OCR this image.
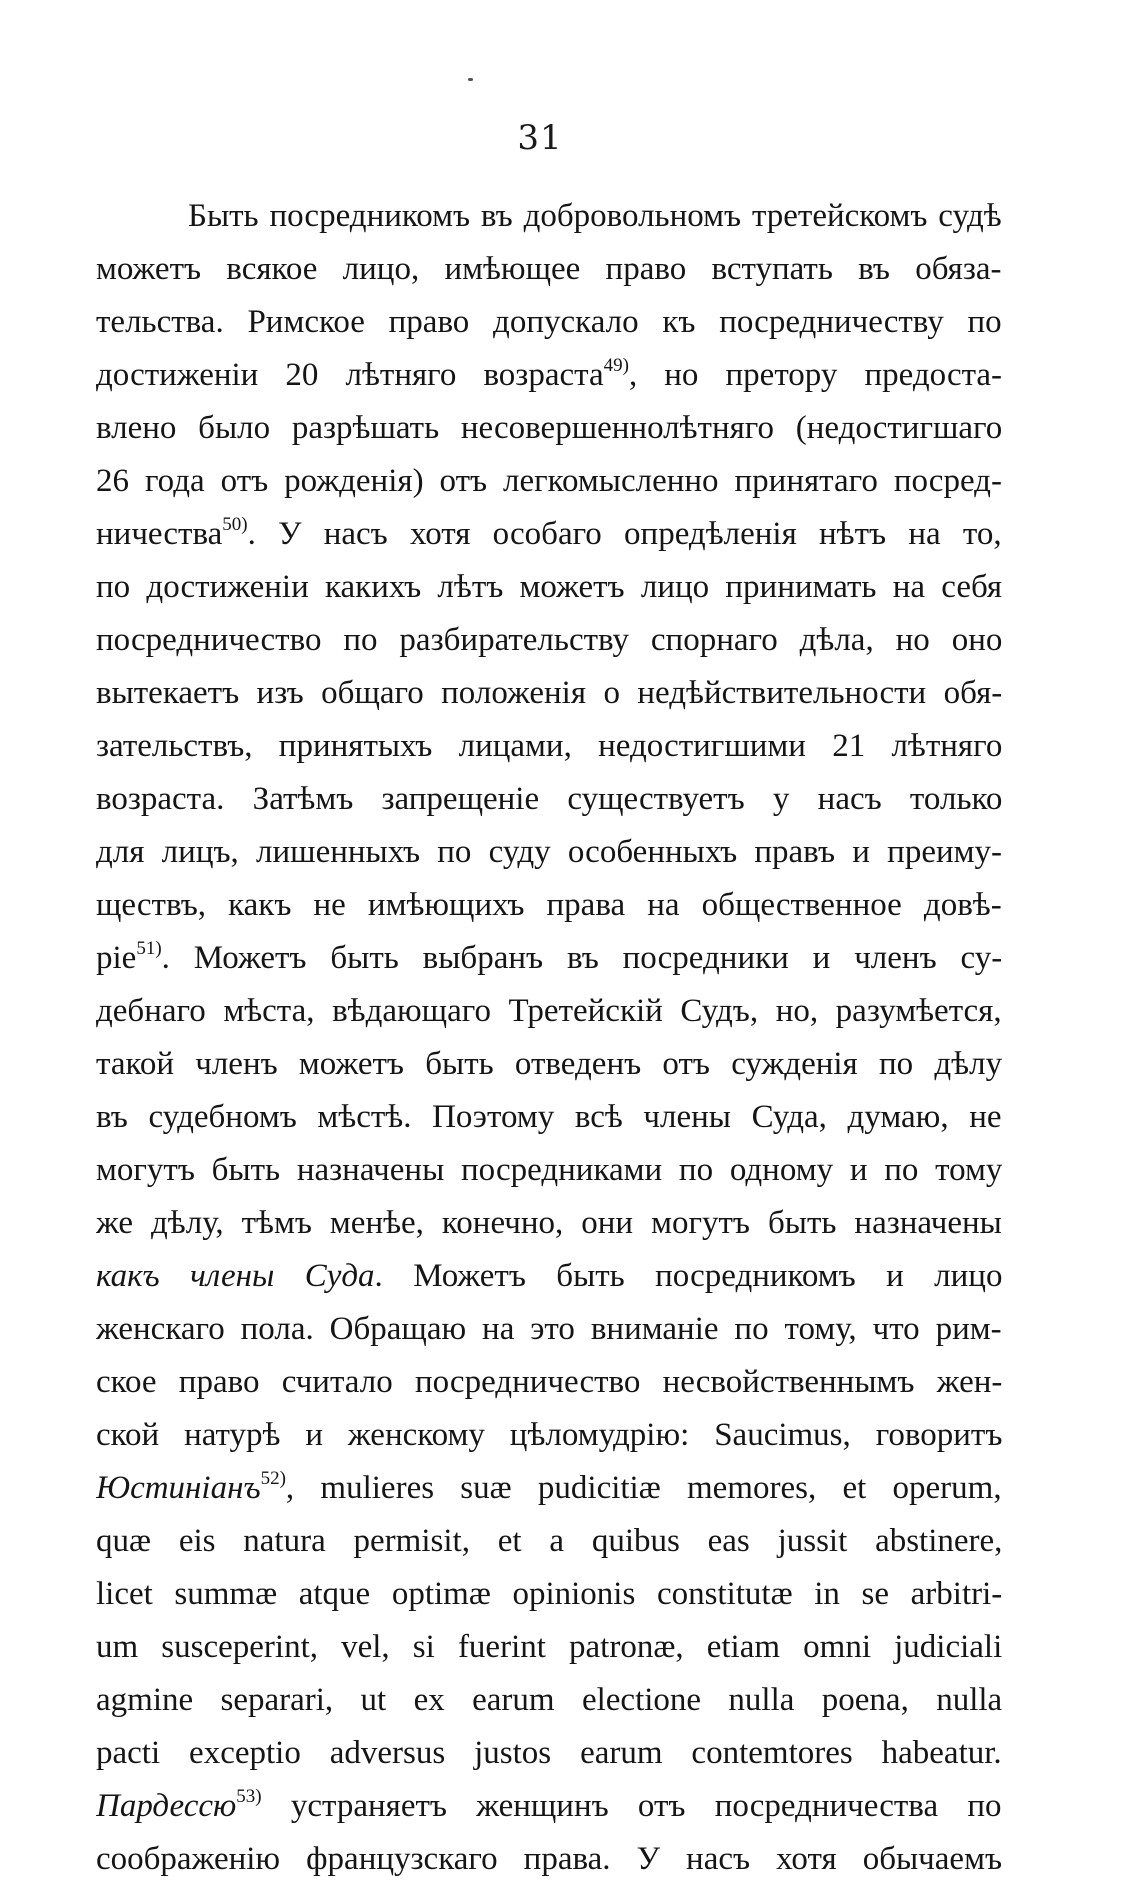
31
Быть посредникомъ въ добровольномъ третейскомъ судѣ
можетъ всякое лицо, имѣющее право вступать въ обяза-
тельства. Римское право допускало къ посредничеству по
достиженіи 20 лѣтняго возраста$^{49)}$, но претору предоста-
влено было разрѣшать несовершеннолѣтняго (недостигшаго
26 года отъ рожденія) отъ легкомысленно принятаго посред-
ничества$^{50)}$. У насъ хотя особаго опредѣленія нѣтъ на то,
по достиженіи какихъ лѣтъ можетъ лицо принимать на себя
посредничество по разбирательству спорнаго дѣла, но оно
вытекаетъ изъ общаго положенія о недѣйствительности обя-
зательствъ, принятыхъ лицами, недостигшими 21 лѣтняго
возраста. Затѣмъ запрещеніе существуетъ у насъ только
для лицъ, лишенныхъ по суду особенныхъ правъ и преиму-
ществъ, какъ не имѣющихъ права на общественное довѣ-
ріе$^{51)}$. Можетъ быть выбранъ въ посредники и членъ су-
дебнаго мѣста, вѣдающаго Третейскій Судъ, но, разумѣется,
такой членъ можетъ быть отведенъ отъ сужденія по дѣлу
въ судебномъ мѣстѣ. Поэтому всѣ члены Суда, думаю, не
могутъ быть назначены посредниками по одному и по тому
же дѣлу, тѣмъ менѣе, конечно, они могутъ быть назначены
какъ члены Суда. Можетъ быть посредникомъ и лицо
женскаго пола. Обращаю на это вниманіе по тому, что рим-
ское право считало посредничество несвойственнымъ жен-
ской натурѣ и женскому цѣломудрію: Saucimus, говоритъ
Юстиніанъ$^{52)}$, mulieres suæ pudicitiæ memores, et operum,
quæ eis natura permisit, et a quibus eas jussit abstinere,
licet summæ atque optimæ opinionis constitutæ in se arbitri-
um susceperint, vel, si fuerint patronæ, etiam omni judiciali
agmine separari, ut ex earum electione nulla poena, nulla
pacti exceptio adversus justos earum contemtores habeatur.
Пардессю$^{53)}$ устраняетъ женщинъ отъ посредничества по
соображенію французскаго права. У насъ хотя обычаемъ
